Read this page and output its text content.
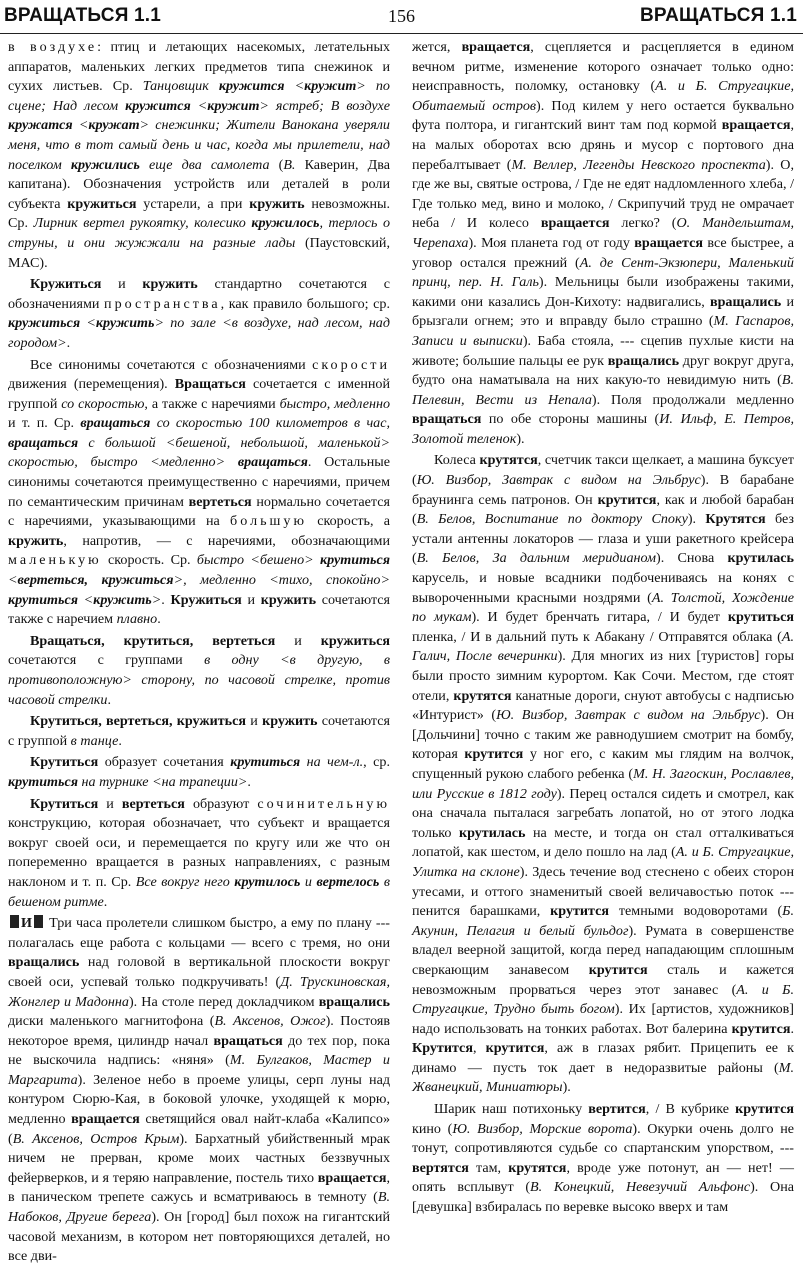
ВРАЩАТЬСЯ 1.1	156	ВРАЩАТЬСЯ 1.1

в воздухе: птиц и летающих насекомых, летательных аппаратов, маленьких легких предметов типа снежинок и сухих листьев. Ср. Танцовщик кружится <кружит> по сцене; Над лесом кружится <кружит> ястреб; В воздухе кружатся <кружат> снежинки; Жители Ванокана уверяли меня, что в тот самый день и час, когда мы прилетели, над поселком кружились еще два самолета (В. Каверин, Два капитана). Обозначения устройств или деталей в роли субъекта кружиться устарели, а при кружить невозможны. Ср. Лирник вертел рукоятку, колесико кружилось, терлось о струны, и они жужжали на разные лады (Паустовский, МАС).

Кружиться и кружить стандартно сочетаются с обозначениями пространства, как правило большого; ср. кружиться <кружить> по зале <в воздухе, над лесом, над городом>.

Все синонимы сочетаются с обозначениями скорости движения (перемещения). Вращаться сочетается с именной группой со скоростью, а также с наречиями быстро, медленно и т. п. Ср. вращаться со скоростью 100 километров в час, вращаться с большой <бешеной, небольшой, маленькой> скоростью, быстро <медленно> вращаться. Остальные синонимы сочетаются преимущественно с наречиями, причем по семантическим причинам вертеться нормально сочетается с наречиями, указывающими на большую скорость, а кружить, напротив, — с наречиями, обозначающими маленькую скорость. Ср. быстро <бешено> крутиться <вертеться, кружиться>, медленно <тихо, спокойно> крутиться <кружить>. Кружиться и кружить сочетаются также с наречием плавно.

Вращаться, крутиться, вертеться и кружиться сочетаются с группами в одну <в другую, в противоположную> сторону, по часовой стрелке, против часовой стрелки.

Крутиться, вертеться, кружиться и кружить сочетаются с группой в танце.

Крутиться образует сочетания крутиться на чем-л., ср. крутиться на турнике <на трапеции>.

Крутиться и вертеться образуют сочинительную конструкцию, которая обозначает, что субъект и вращается вокруг своей оси, и перемещается по кругу или же что он попеременно вращается в разных направлениях, с разным наклоном и т. п. Ср. Все вокруг него крутилось и вертелось в бешеном ритме.

И Три часа пролетели слишком быстро, а ему по плану --- полагалась еще работа с кольцами — всего с тремя, но они вращались над головой в вертикальной плоскости вокруг своей оси, успевай только подкручивать! (Д. Трускиновская, Жонглер и Мадонна). На столе перед докладчиком вращались диски маленького магнитофона (В. Аксенов, Ожог). Постояв некоторое время, цилиндр начал вращаться до тех пор, пока не выскочила надпись: «няня» (М. Булгаков, Мастер и Маргарита). Зеленое небо в проеме улицы, серп луны над контуром Сюрю-Кая, в боковой улочке, уходящей к морю, медленно вращается светящийся овал найт-клаба «Калипсо» (В. Аксенов, Остров Крым). Бархатный убийственный мрак ничем не прерван, кроме моих частных беззвучных фейерверков, и я теряю направление, постель тихо вращается, в паническом трепете сажусь и всматриваюсь в темноту (В. Набоков, Другие берега). Он [город] был похож на гигантский часовой механизм, в котором нет повторяющихся деталей, но все дви-

жется, вращается, сцепляется и расцепляется в едином вечном ритме, изменение которого означает только одно: неисправность, поломку, остановку (А. и Б. Стругацкие, Обитаемый остров). Под килем у него остается буквально фута полтора, и гигантский винт там под кормой вращается, на малых оборотах всю дрянь и мусор с портового дна перебалтывает (М. Веллер, Легенды Невского проспекта). О, где же вы, святые острова, / Где не едят надломленного хлеба, / Где только мед, вино и молоко, / Скрипучий труд не омрачает неба / И колесо вращается легко? (О. Мандельштам, Черепаха). Моя планета год от году вращается все быстрее, а уговор остался прежний (А. де Сент-Экзюпери, Маленький принц, пер. Н. Галь). Мельницы были изображены такими, какими они казались Дон-Кихоту: надвигались, вращались и брызгали огнем; это и вправду было страшно (М. Гаспаров, Записи и выписки). Баба стояла, --- сцепив пухлые кисти на животе; большие пальцы ее рук вращались друг вокруг друга, будто она наматывала на них какую-то невидимую нить (В. Пелевин, Вести из Непала). Поля продолжали медленно вращаться по обе стороны машины (И. Ильф, Е. Петров, Золотой теленок).

Колеса крутятся, счетчик такси щелкает, а машина буксует (Ю. Визбор, Завтрак с видом на Эльбрус). В барабане браунинга семь патронов. Он крутится, как и любой барабан (В. Белов, Воспитание по доктору Споку). Крутятся без устали антенны локаторов — глаза и уши ракетного крейсера (В. Белов, За дальним меридианом). Снова крутилась карусель, и новые всадники подбочениваясь на конях с вывороченными красными ноздрями (А. Толстой, Хождение по мукам). И будет бренчать гитара, / И будет крутиться пленка, / И в дальний путь к Абакану / Отправятся облака (А. Галич, После вечеринки). Для многих из них [туристов] горы были просто зимним курортом. Как Сочи. Местом, где стоят отели, крутятся канатные дороги, снуют автобусы с надписью «Интурист» (Ю. Визбор, Завтрак с видом на Эльбрус). Он [Дольчини] точно с таким же равнодушием смотрит на бомбу, которая крутится у ног его, с каким мы глядим на волчок, спущенный рукою слабого ребенка (М. Н. Загоскин, Рославлев, или Русские в 1812 году). Перец остался сидеть и смотрел, как она сначала пыталася загребать лопатой, но от этого лодка только крутилась на месте, и тогда он стал отталкиваться лопатой, как шестом, и дело пошло на лад (А. и Б. Стругацкие, Улитка на склоне). Здесь течение вод стеснено с обеих сторон утесами, и оттого знаменитый своей величавостью поток --- пенится барашками, крутится темными водоворотами (Б. Акунин, Пелагия и белый бульдог). Румата в совершенстве владел веерной защитой, когда перед нападающим сплошным сверкающим занавесом крутится сталь и кажется невозможным прорваться через этот занавес (А. и Б. Стругацкие, Трудно быть богом). Их [артистов, художников] надо использовать на тонких работах. Вот балерина крутится. Крутится, крутится, аж в глазах рябит. Прицепить ее к динамо — пусть ток дает в недоразвитые районы (М. Жванецкий, Миниатюры).

Шарик наш потихоньку вертится, / В кубрике крутится кино (Ю. Визбор, Морские ворота). Окурки очень долго не тонут, сопротивляются судьбе со спартанским упорством, --- вертятся там, крутятся, вроде уже потонут, ан — нет! — опять всплывут (В. Конецкий, Невезучий Альфонс). Она [девушка] взбиралась по веревке высоко вверх и там
